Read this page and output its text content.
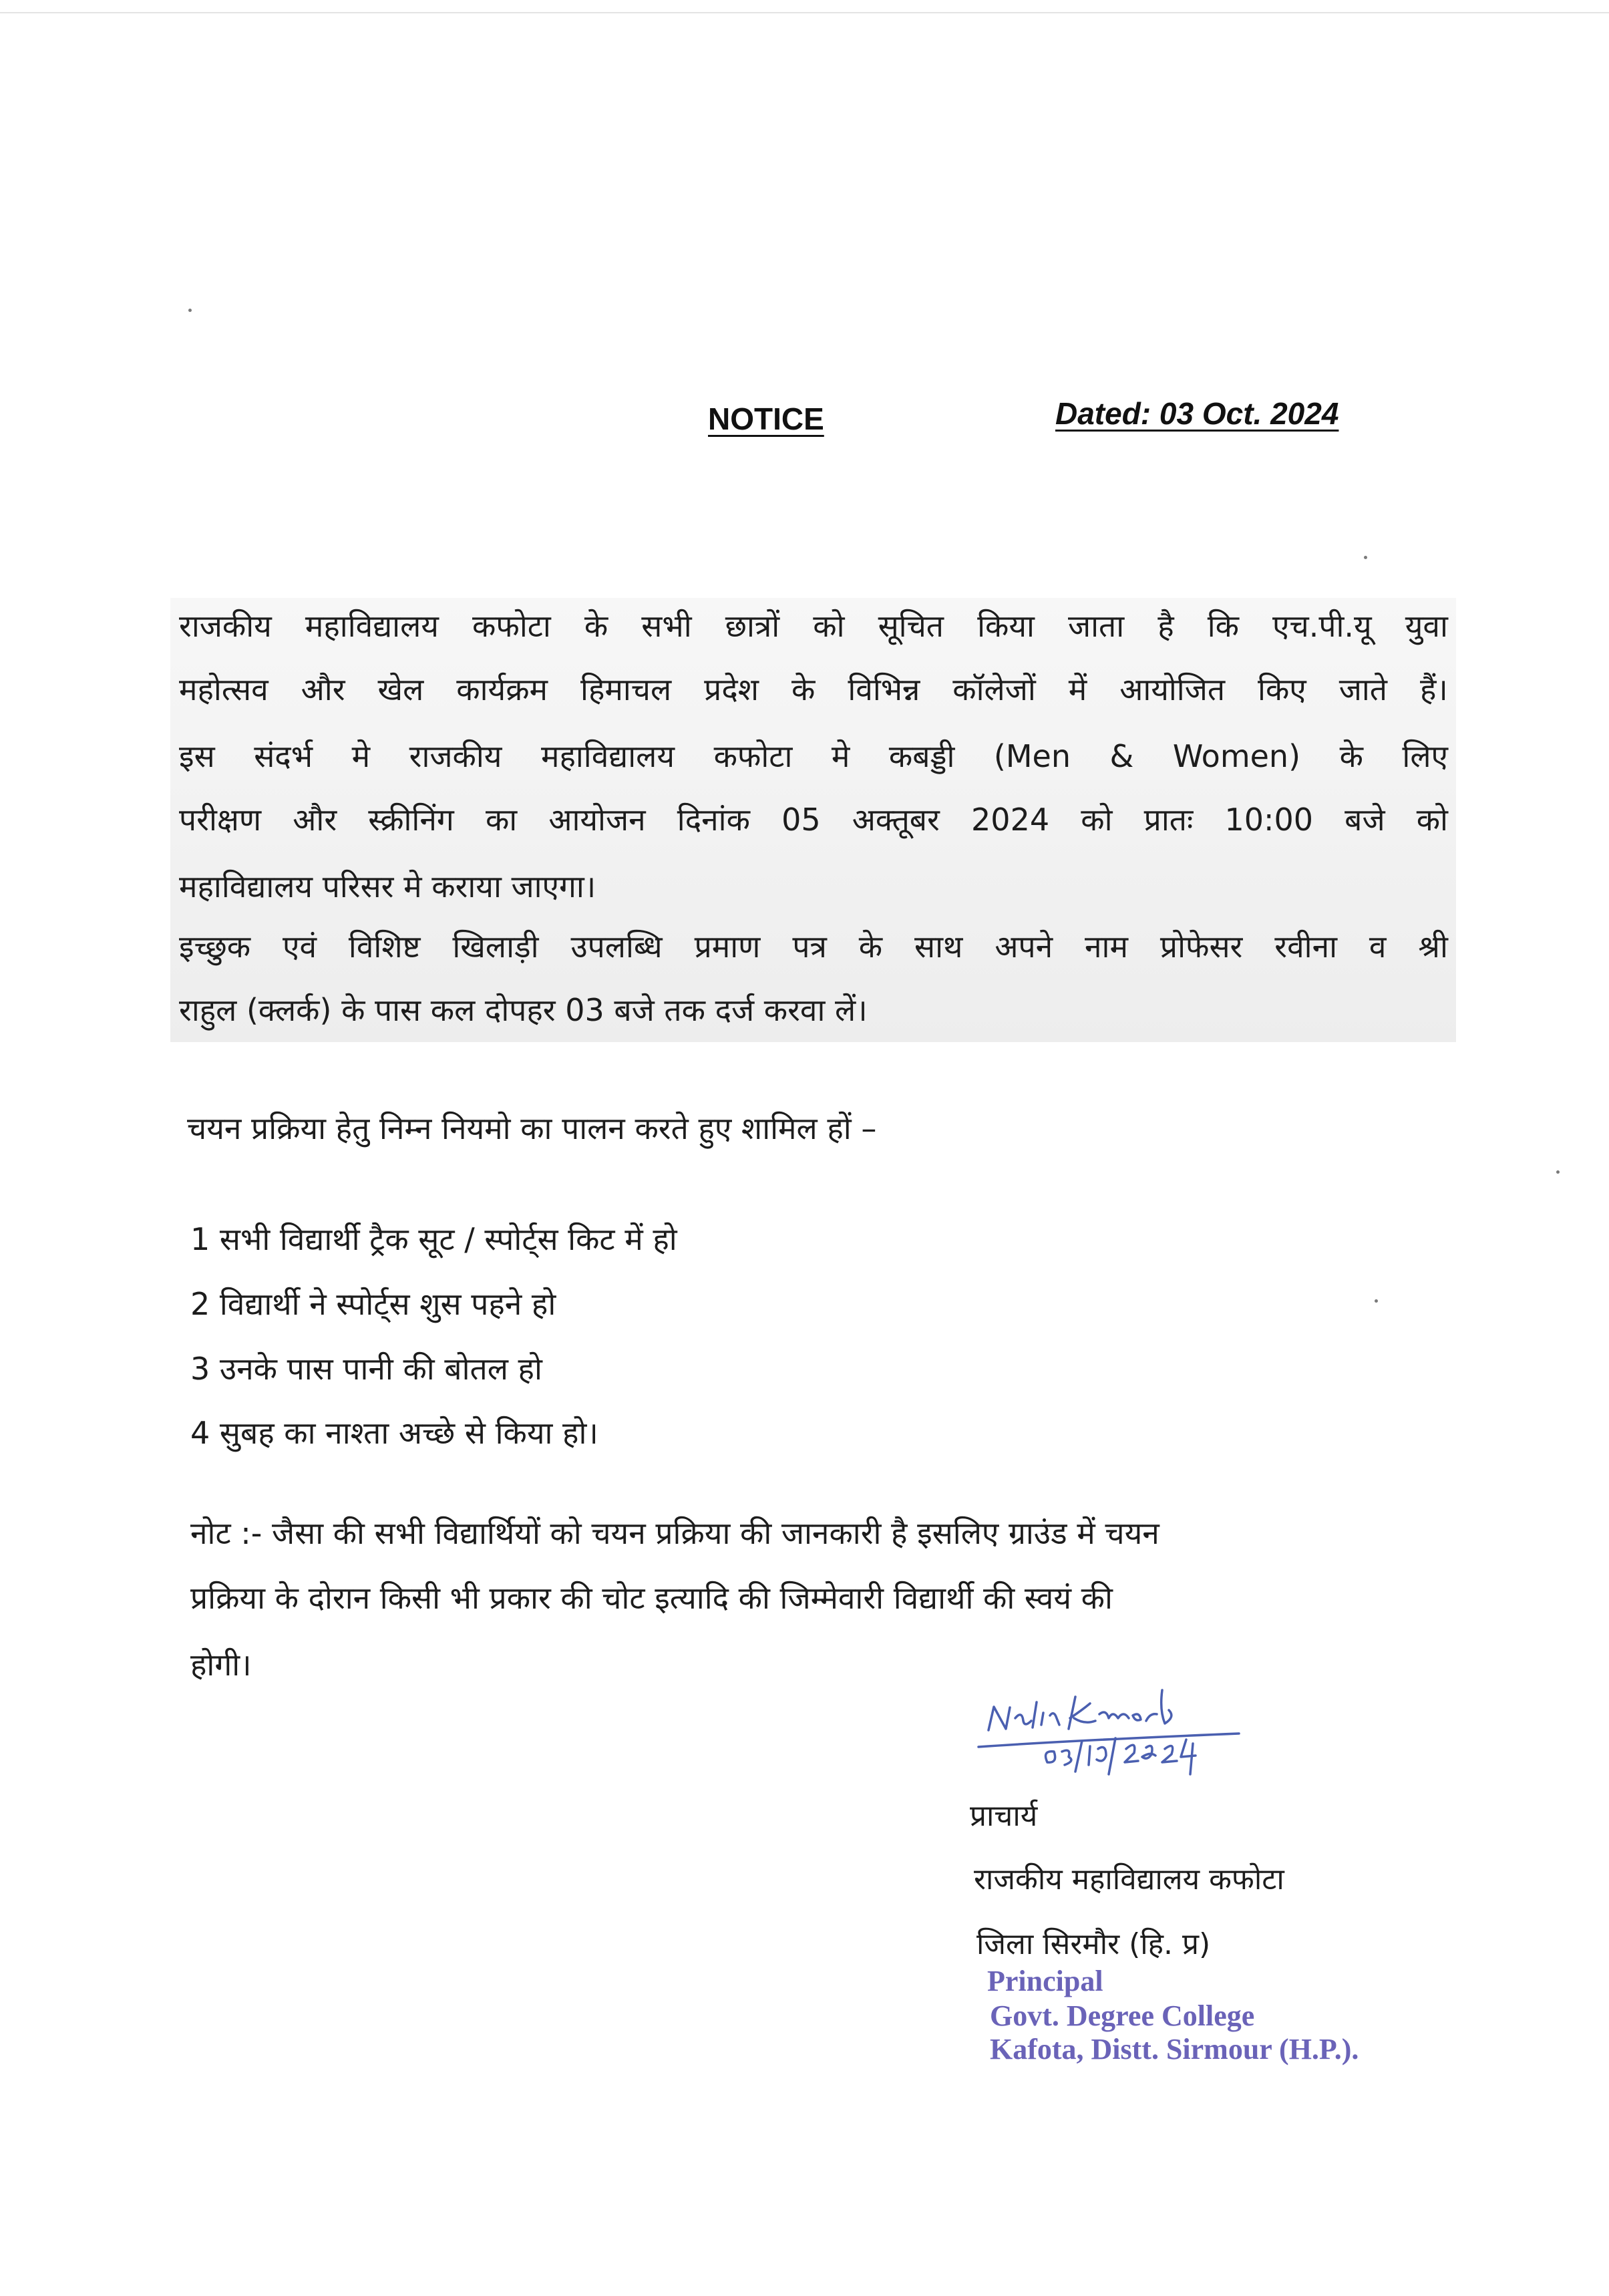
NOTICE	Dated: 03 Oct. 2024
राजकीय महाविद्यालय कफोटा के सभी छात्रों को सूचित किया जाता है कि एच.पी.यू युवा
महोत्सव और खेल कार्यक्रम हिमाचल प्रदेश के विभिन्न कॉलेजों में आयोजित किए जाते हैं।
इस संदर्भ मे राजकीय महाविद्यालय कफोटा मे कबड्डी (Men & Women) के लिए
परीक्षण और स्क्रीनिंग का आयोजन दिनांक 05 अक्तूबर 2024 को प्रातः 10:00 बजे को
महाविद्यालय परिसर मे कराया जाएगा।
इच्छुक एवं विशिष्ट खिलाड़ी उपलब्धि प्रमाण पत्र के साथ अपने नाम प्रोफेसर रवीना व श्री
राहुल (क्लर्क) के पास कल दोपहर 03 बजे तक दर्ज करवा लें।
चयन प्रक्रिया हेतु निम्न नियमो का पालन करते हुए शामिल हों –
1 सभी विद्यार्थी ट्रैक सूट / स्पोर्ट्स किट में हो
2 विद्यार्थी ने स्पोर्ट्स शुस पहने हो
3 उनके पास पानी की बोतल हो
4 सुबह का नाश्ता अच्छे से किया हो।
नोट :- जैसा की सभी विद्यार्थियों को चयन प्रक्रिया की जानकारी है इसलिए ग्राउंड में चयन
प्रक्रिया के दोरान किसी भी प्रकार की चोट इत्यादि की जिम्मेवारी विद्यार्थी की स्वयं की
होगी।
प्राचार्य
राजकीय महाविद्यालय कफोटा
जिला सिरमौर (हि. प्र)
Principal
Govt. Degree College
Kafota, Distt. Sirmour (H.P.).
